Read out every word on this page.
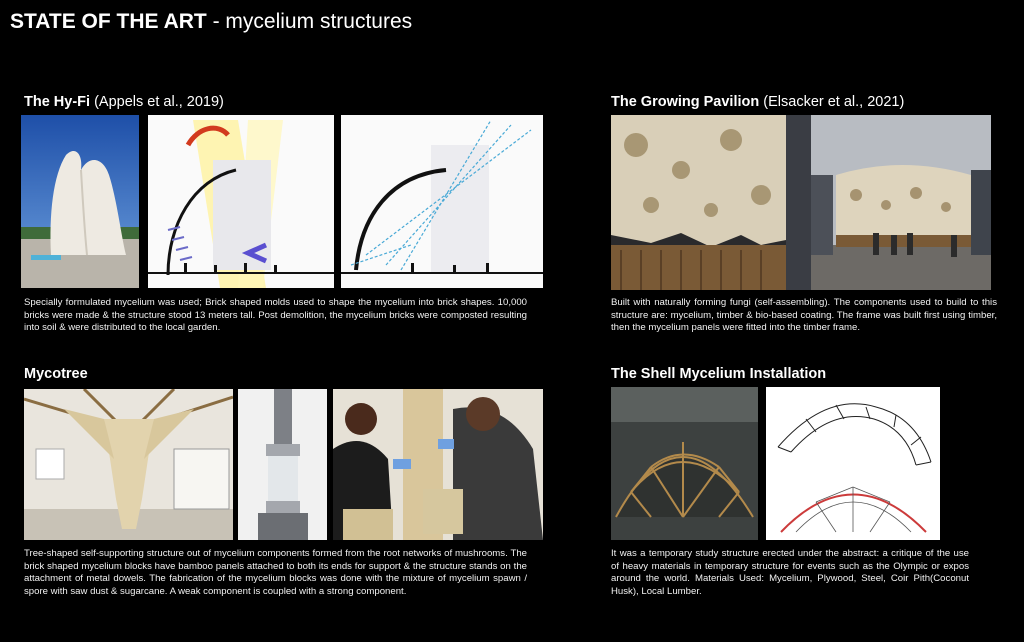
STATE OF THE ART - mycelium structures
The Hy-Fi (Appels et al., 2019)
Specially formulated mycelium was used; Brick shaped molds used to shape the mycelium into brick shapes. 10,000 bricks were made & the structure stood 13 meters tall. Post demolition, the mycelium bricks were composted resulting into soil & were distributed to the local garden.
The Growing Pavilion (Elsacker et al., 2021)
Built with naturally forming fungi (self-assembling). The components used to build to this structure are: mycelium, timber & bio-based coating. The frame was built first using timber, then the mycelium panels were fitted into the timber frame.
Mycotree
Tree-shaped self-supporting structure out of mycelium components formed from the root networks of mushrooms. The brick shaped mycelium blocks have bamboo panels attached to both its ends for support & the structure stands on the attachment of metal dowels. The fabrication of the mycelium blocks was done with the mixture of mycelium spawn / spore with saw dust & sugarcane. A weak component is coupled with a strong component.
The Shell Mycelium Installation
It was a temporary study structure erected under the abstract: a critique of the use of heavy materials in temporary structure for events such as the Olympic or expos around the world. Materials Used: Mycelium, Plywood, Steel, Coir Pith(Coconut Husk), Local Lumber.
